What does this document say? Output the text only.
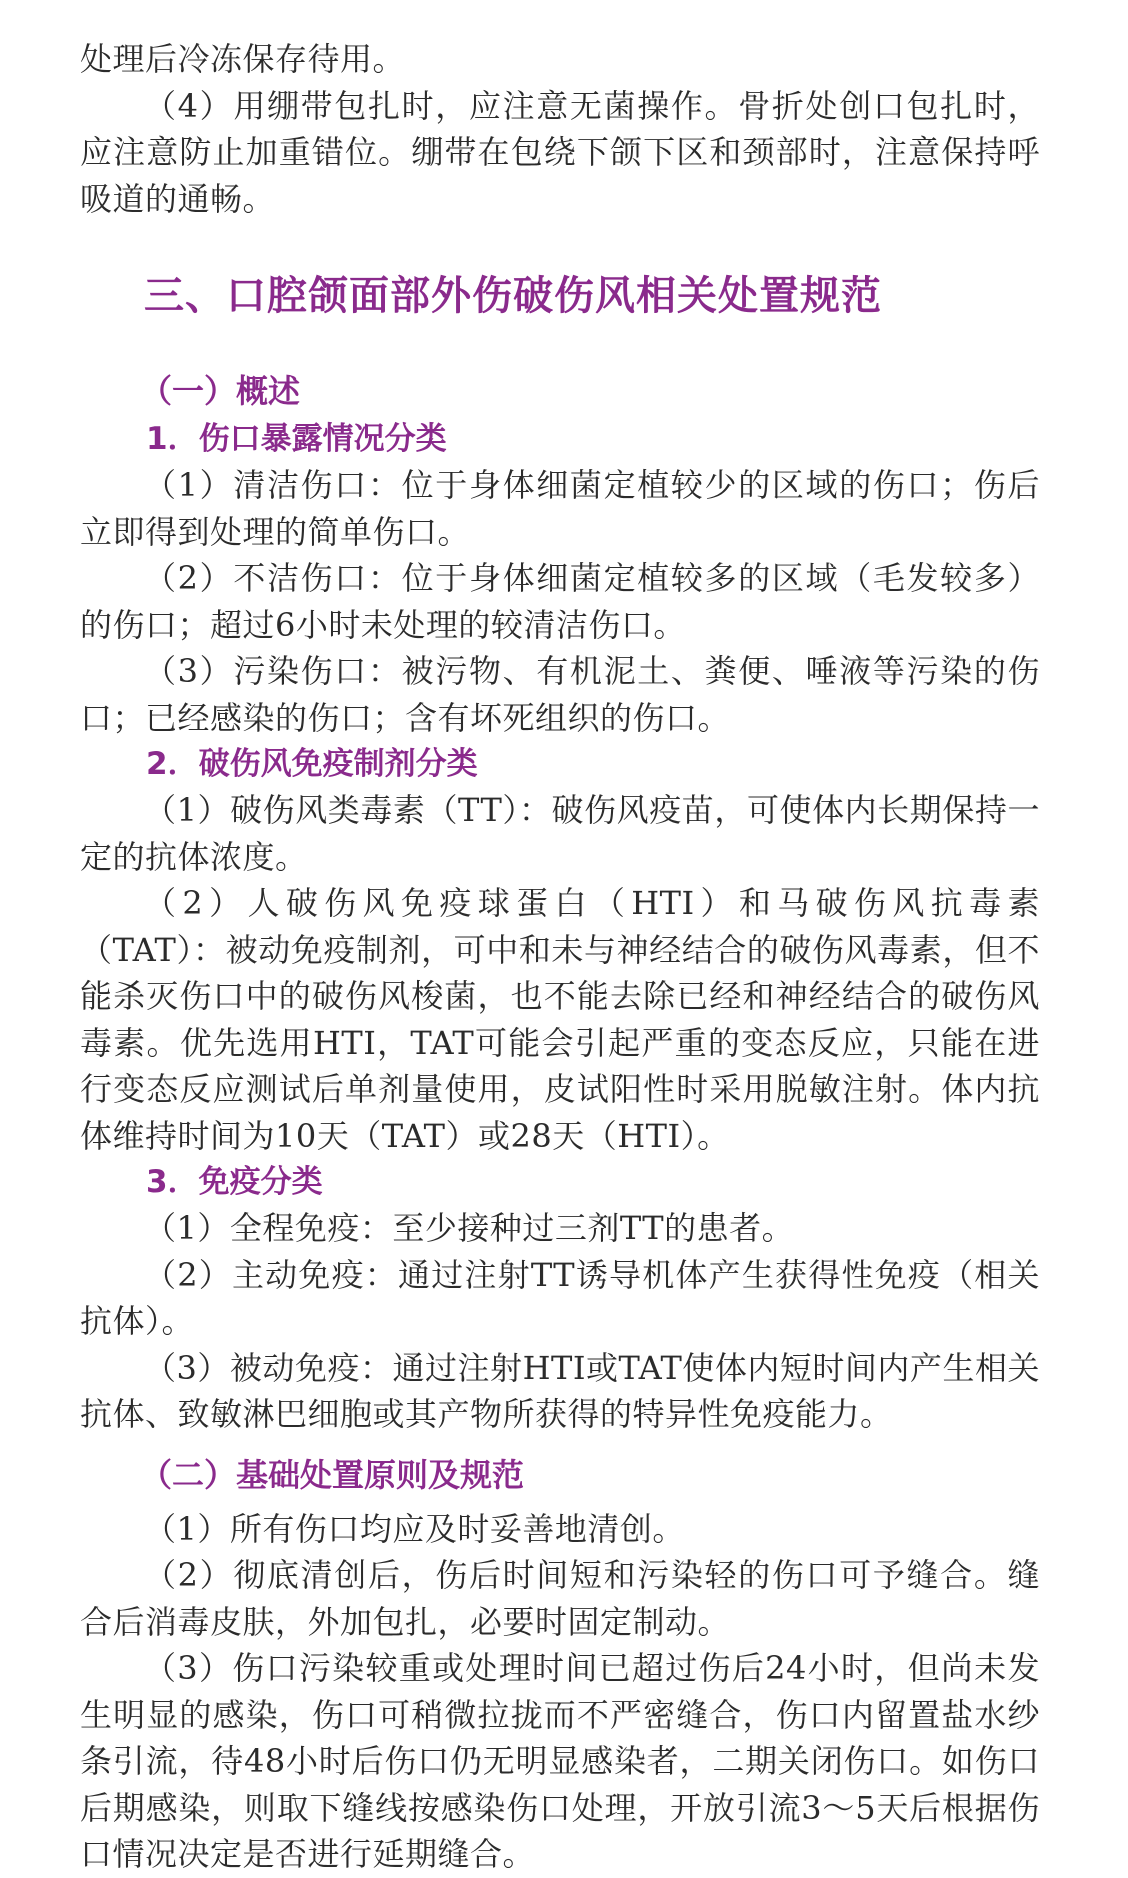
处理后冷冻保存待用。

（4）用绷带包扎时，应注意无菌操作。骨折处创口包扎时，应注意防止加重错位。绷带在包绕下颌下区和颈部时，注意保持呼吸道的通畅。

三、口腔颌面部外伤破伤风相关处置规范
（一）概述
1．伤口暴露情况分类

（1）清洁伤口：位于身体细菌定植较少的区域的伤口；伤后立即得到处理的简单伤口。

（2）不洁伤口：位于身体细菌定植较多的区域（毛发较多）的伤口；超过6小时未处理的较清洁伤口。

（3）污染伤口：被污物、有机泥土、粪便、唾液等污染的伤口；已经感染的伤口；含有坏死组织的伤口。

2．破伤风免疫制剂分类

（1）破伤风类毒素（TT）：破伤风疫苗，可使体内长期保持一定的抗体浓度。

（2）人破伤风免疫球蛋白（HTI）和马破伤风抗毒素（TAT）：被动免疫制剂，可中和未与神经结合的破伤风毒素，但不能杀灭伤口中的破伤风梭菌，也不能去除已经和神经结合的破伤风毒素。优先选用HTI，TAT可能会引起严重的变态反应，只能在进行变态反应测试后单剂量使用，皮试阳性时采用脱敏注射。体内抗体维持时间为10天（TAT）或28天（HTI）。

3．免疫分类

（1）全程免疫：至少接种过三剂TT的患者。

（2）主动免疫：通过注射TT诱导机体产生获得性免疫（相关抗体）。

（3）被动免疫：通过注射HTI或TAT使体内短时间内产生相关抗体、致敏淋巴细胞或其产物所获得的特异性免疫能力。

（二）基础处置原则及规范

（1）所有伤口均应及时妥善地清创。

（2）彻底清创后，伤后时间短和污染轻的伤口可予缝合。缝合后消毒皮肤，外加包扎，必要时固定制动。

（3）伤口污染较重或处理时间已超过伤后24小时，但尚未发生明显的感染，伤口可稍微拉拢而不严密缝合，伤口内留置盐水纱条引流，待48小时后伤口仍无明显感染者，二期关闭伤口。如伤口后期感染，则取下缝线按感染伤口处理，开放引流3～5天后根据伤口情况决定是否进行延期缝合。
